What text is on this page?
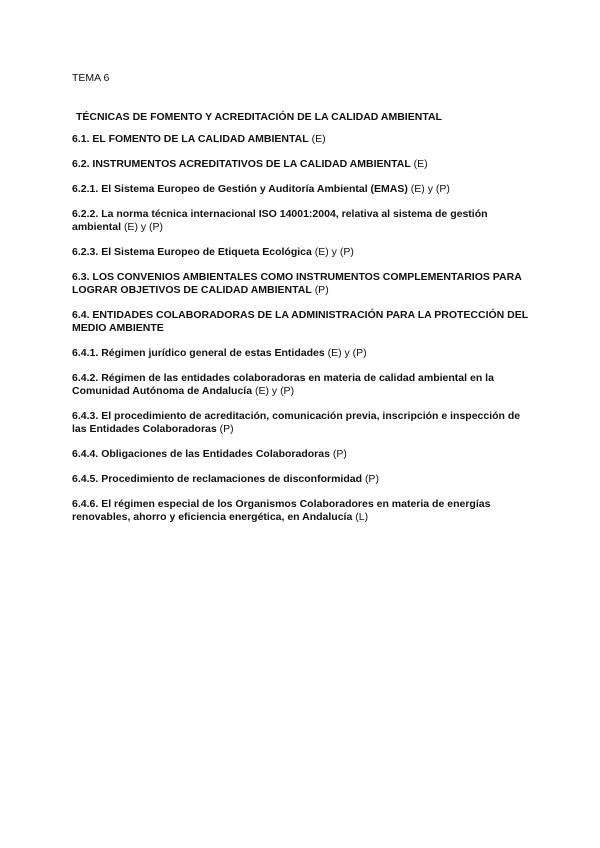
TEMA 6
TÉCNICAS DE FOMENTO Y ACREDITACIÓN DE LA CALIDAD AMBIENTAL
6.1. EL FOMENTO DE LA CALIDAD AMBIENTAL (E)
6.2. INSTRUMENTOS ACREDITATIVOS DE LA CALIDAD AMBIENTAL (E)
6.2.1. El Sistema Europeo de Gestión y Auditoría Ambiental (EMAS) (E) y (P)
6.2.2. La norma técnica internacional ISO 14001:2004, relativa al sistema de gestión ambiental (E) y (P)
6.2.3. El Sistema Europeo de Etiqueta Ecológica (E) y (P)
6.3. LOS CONVENIOS AMBIENTALES COMO INSTRUMENTOS COMPLEMENTARIOS PARA LOGRAR OBJETIVOS DE CALIDAD AMBIENTAL (P)
6.4. ENTIDADES COLABORADORAS DE LA ADMINISTRACIÓN PARA LA PROTECCIÓN DEL MEDIO AMBIENTE
6.4.1. Régimen jurídico general de estas Entidades (E) y (P)
6.4.2. Régimen de las entidades colaboradoras en materia de calidad ambiental en la Comunidad Autónoma de Andalucía (E) y (P)
6.4.3. El procedimiento de acreditación, comunicación previa, inscripción e inspección de las Entidades Colaboradoras (P)
6.4.4. Obligaciones de las Entidades Colaboradoras (P)
6.4.5. Procedimiento de reclamaciones de disconformidad (P)
6.4.6. El régimen especial de los Organismos Colaboradores en materia de energías renovables, ahorro y eficiencia energética, en Andalucía (L)
